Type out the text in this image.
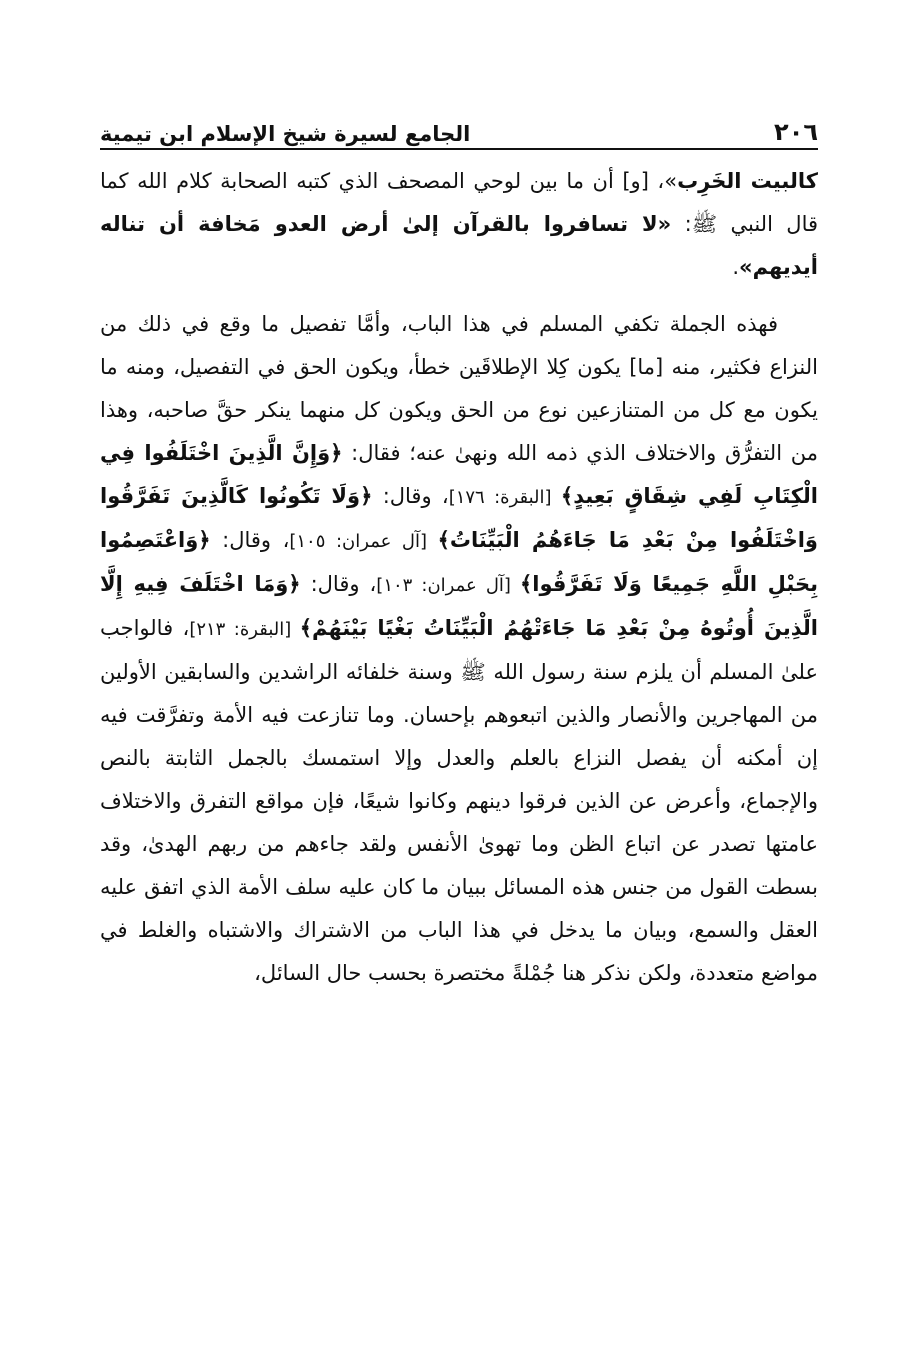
٢٠٦
الجامع لسيرة شيخ الإسلام ابن تيمية

كالبيت الخَرِب»، [و] أن ما بين لوحي المصحف الذي كتبه الصحابة كلام الله كما قال النبي ﷺ: «لا تسافروا بالقرآن إلىٰ أرض العدو مَخافة أن تناله أيديهم».

فهذه الجملة تكفي المسلم في هذا الباب، وأمَّا تفصيل ما وقع في ذلك من النزاع فكثير، منه [ما] يكون كِلا الإطلاقَين خطأ، ويكون الحق في التفصيل، ومنه ما يكون مع كل من المتنازعين نوع من الحق ويكون كل منهما ينكر حقَّ صاحبه، وهذا من التفرُّق والاختلاف الذي ذمه الله ونهىٰ عنه؛ فقال: ﴿وَإِنَّ الَّذِينَ اخْتَلَفُوا فِي الْكِتَابِ لَفِي شِقَاقٍ بَعِيدٍ﴾ [البقرة: ١٧٦]، وقال: ﴿وَلَا تَكُونُوا كَالَّذِينَ تَفَرَّقُوا وَاخْتَلَفُوا مِنْ بَعْدِ مَا جَاءَهُمُ الْبَيِّنَاتُ﴾ [آل عمران: ١٠٥]، وقال: ﴿وَاعْتَصِمُوا بِحَبْلِ اللَّهِ جَمِيعًا وَلَا تَفَرَّقُوا﴾ [آل عمران: ١٠٣]، وقال: ﴿وَمَا اخْتَلَفَ فِيهِ إِلَّا الَّذِينَ أُوتُوهُ مِنْ بَعْدِ مَا جَاءَتْهُمُ الْبَيِّنَاتُ بَغْيًا بَيْنَهُمْ﴾ [البقرة: ٢١٣]، فالواجب علىٰ المسلم أن يلزم سنة رسول الله ﷺ وسنة خلفائه الراشدين والسابقين الأولين من المهاجرين والأنصار والذين اتبعوهم بإحسان. وما تنازعت فيه الأمة وتفرَّقت فيه إن أمكنه أن يفصل النزاع بالعلم والعدل وإلا استمسك بالجمل الثابتة بالنص والإجماع، وأعرض عن الذين فرقوا دينهم وكانوا شيعًا، فإن مواقع التفرق والاختلاف عامتها تصدر عن اتباع الظن وما تهوىٰ الأنفس ولقد جاءهم من ربهم الهدىٰ، وقد بسطت القول من جنس هذه المسائل ببيان ما كان عليه سلف الأمة الذي اتفق عليه العقل والسمع، وبيان ما يدخل في هذا الباب من الاشتراك والاشتباه والغلط في مواضع متعددة، ولكن نذكر هنا جُمْلةً مختصرة بحسب حال السائل،
